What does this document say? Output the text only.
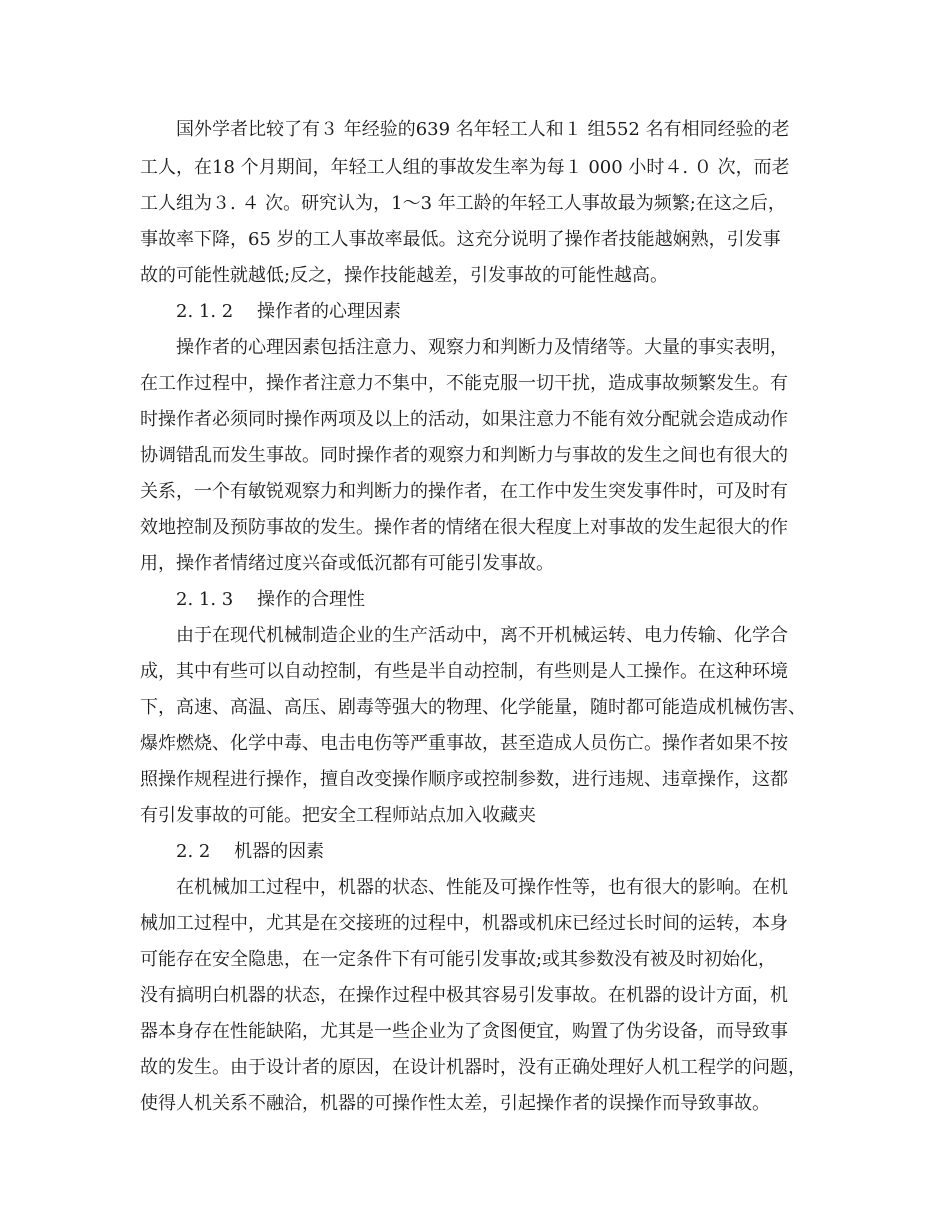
国外学者比较了有３ 年经验的639 名年轻工人和１ 组552 名有相同经验的老

工人，在18 个月期间，年轻工人组的事故发生率为每１ 000 小时４. ０ 次，而老

工人组为３. ４ 次。研究认为，1～3 年工龄的年轻工人事故最为频繁;在这之后，

事故率下降，65 岁的工人事故率最低。这充分说明了操作者技能越娴熟，引发事

故的可能性就越低;反之，操作技能越差，引发事故的可能性越高。

2. 1. 2　 操作者的心理因素

操作者的心理因素包括注意力、观察力和判断力及情绪等。大量的事实表明，

在工作过程中，操作者注意力不集中，不能克服一切干扰，造成事故频繁发生。有

时操作者必须同时操作两项及以上的活动，如果注意力不能有效分配就会造成动作

协调错乱而发生事故。同时操作者的观察力和判断力与事故的发生之间也有很大的

关系，一个有敏锐观察力和判断力的操作者，在工作中发生突发事件时，可及时有

效地控制及预防事故的发生。操作者的情绪在很大程度上对事故的发生起很大的作

用，操作者情绪过度兴奋或低沉都有可能引发事故。

2. 1. 3　 操作的合理性

由于在现代机械制造企业的生产活动中，离不开机械运转、电力传输、化学合

成，其中有些可以自动控制，有些是半自动控制，有些则是人工操作。在这种环境

下，高速、高温、高压、剧毒等强大的物理、化学能量，随时都可能造成机械伤害、

爆炸燃烧、化学中毒、电击电伤等严重事故，甚至造成人员伤亡。操作者如果不按

照操作规程进行操作，擅自改变操作顺序或控制参数，进行违规、违章操作，这都

有引发事故的可能。把安全工程师站点加入收藏夹

2. 2　 机器的因素

在机械加工过程中，机器的状态、性能及可操作性等，也有很大的影响。在机

械加工过程中，尤其是在交接班的过程中，机器或机床已经过长时间的运转，本身

可能存在安全隐患，在一定条件下有可能引发事故;或其参数没有被及时初始化，

没有搞明白机器的状态，在操作过程中极其容易引发事故。在机器的设计方面，机

器本身存在性能缺陷，尤其是一些企业为了贪图便宜，购置了伪劣设备，而导致事

故的发生。由于设计者的原因，在设计机器时，没有正确处理好人机工程学的问题，

使得人机关系不融洽，机器的可操作性太差，引起操作者的误操作而导致事故。
